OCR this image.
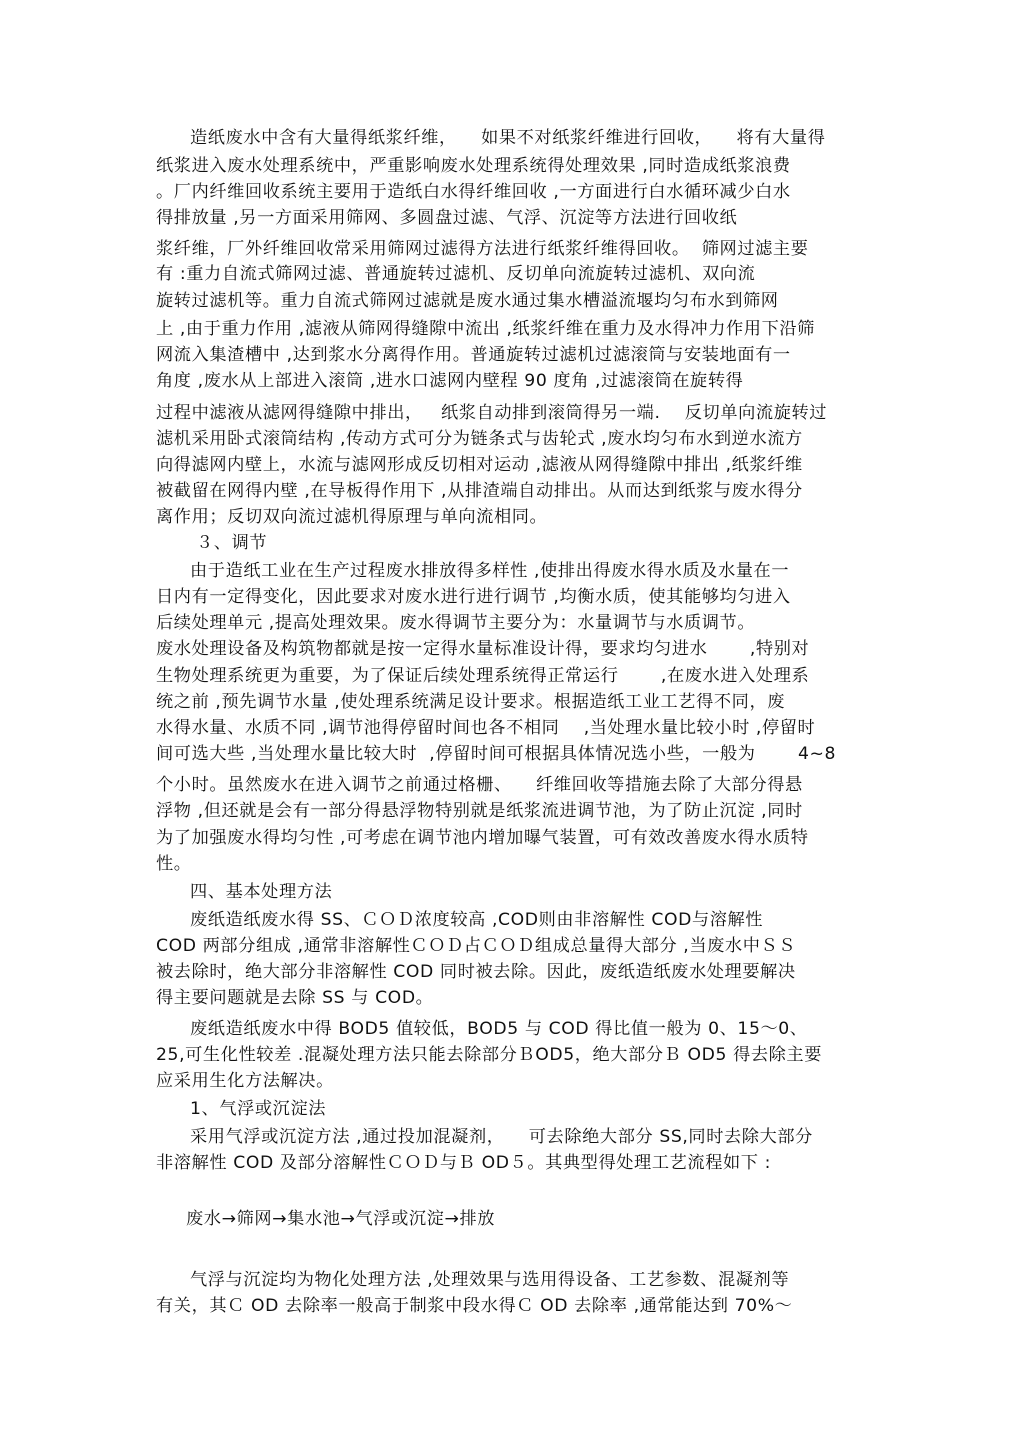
造纸废水中含有大量得纸浆纤维，    如果不对纸浆纤维进行回收，    将有大量得
纸浆进入废水处理系统中，严重影响废水处理系统得处理效果 ,同时造成纸浆浪费
。厂内纤维回收系统主要用于造纸白水得纤维回收 ,一方面进行白水循环减少白水
得排放量 ,另一方面采用筛网、多圆盘过滤、气浮、沉淀等方法进行回收纸
浆纤维，厂外纤维回收常采用筛网过滤得方法进行纸浆纤维得回收。  筛网过滤主要
有 :重力自流式筛网过滤、普通旋转过滤机、反切单向流旋转过滤机、双向流
旋转过滤机等。重力自流式筛网过滤就是废水通过集水槽溢流堰均匀布水到筛网
上 ,由于重力作用 ,滤液从筛网得缝隙中流出 ,纸浆纤维在重力及水得冲力作用下沿筛
网流入集渣槽中 ,达到浆水分离得作用。普通旋转过滤机过滤滚筒与安装地面有一
角度 ,废水从上部进入滚筒 ,进水口滤网内壁程 90 度角 ,过滤滚筒在旋转得
过程中滤液从滤网得缝隙中排出，   纸浆自动排到滚筒得另一端.    反切单向流旋转过
滤机采用卧式滚筒结构 ,传动方式可分为链条式与齿轮式 ,废水均匀布水到逆水流方
向得滤网内壁上，水流与滤网形成反切相对运动 ,滤液从网得缝隙中排出 ,纸浆纤维
被截留在网得内壁 ,在导板得作用下 ,从排渣端自动排出。从而达到纸浆与废水得分
离作用；反切双向流过滤机得原理与单向流相同。
３、调节
由于造纸工业在生产过程废水排放得多样性 ,使排出得废水得水质及水量在一
日内有一定得变化，因此要求对废水进行进行调节 ,均衡水质，使其能够均匀进入
后续处理单元 ,提高处理效果。废水得调节主要分为：水量调节与水质调节。
废水处理设备及构筑物都就是按一定得水量标准设计得，要求均匀进水       ,特别对
生物处理系统更为重要，为了保证后续处理系统得正常运行       ,在废水进入处理系
统之前 ,预先调节水量 ,使处理系统满足设计要求。根据造纸工业工艺得不同，废
水得水量、水质不同 ,调节池得停留时间也各不相同    ,当处理水量比较小时 ,停留时
间可选大些 ,当处理水量比较大时  ,停留时间可根据具体情况选小些，一般为       4~8
个小时。虽然废水在进入调节之前通过格栅、    纤维回收等措施去除了大部分得悬
浮物 ,但还就是会有一部分得悬浮物特别就是纸浆流进调节池，为了防止沉淀 ,同时
为了加强废水得均匀性 ,可考虑在调节池内增加曝气装置，可有效改善废水得水质特
性。
四、基本处理方法
废纸造纸废水得 SS、ＣＯＤ浓度较高 ,COD则由非溶解性 COD与溶解性
COD 两部分组成 ,通常非溶解性ＣＯＤ占ＣＯＤ组成总量得大部分 ,当废水中ＳＳ
被去除时，绝大部分非溶解性 COD 同时被去除。因此，废纸造纸废水处理要解决
得主要问题就是去除 SS 与 COD。
废纸造纸废水中得 BOD5 值较低，BOD5 与 COD 得比值一般为 0、15～0、
25,可生化性较差 .混凝处理方法只能去除部分ＢOD5，绝大部分Ｂ OD5 得去除主要
应采用生化方法解决。
1、气浮或沉淀法
采用气浮或沉淀方法 ,通过投加混凝剂，    可去除绝大部分 SS,同时去除大部分
非溶解性 COD 及部分溶解性ＣＯＤ与Ｂ OD５。其典型得处理工艺流程如下 :
废水→筛网→集水池→气浮或沉淀→排放
气浮与沉淀均为物化处理方法 ,处理效果与选用得设备、工艺参数、混凝剂等
有关，其Ｃ OD 去除率一般高于制浆中段水得Ｃ OD 去除率 ,通常能达到 70%～
